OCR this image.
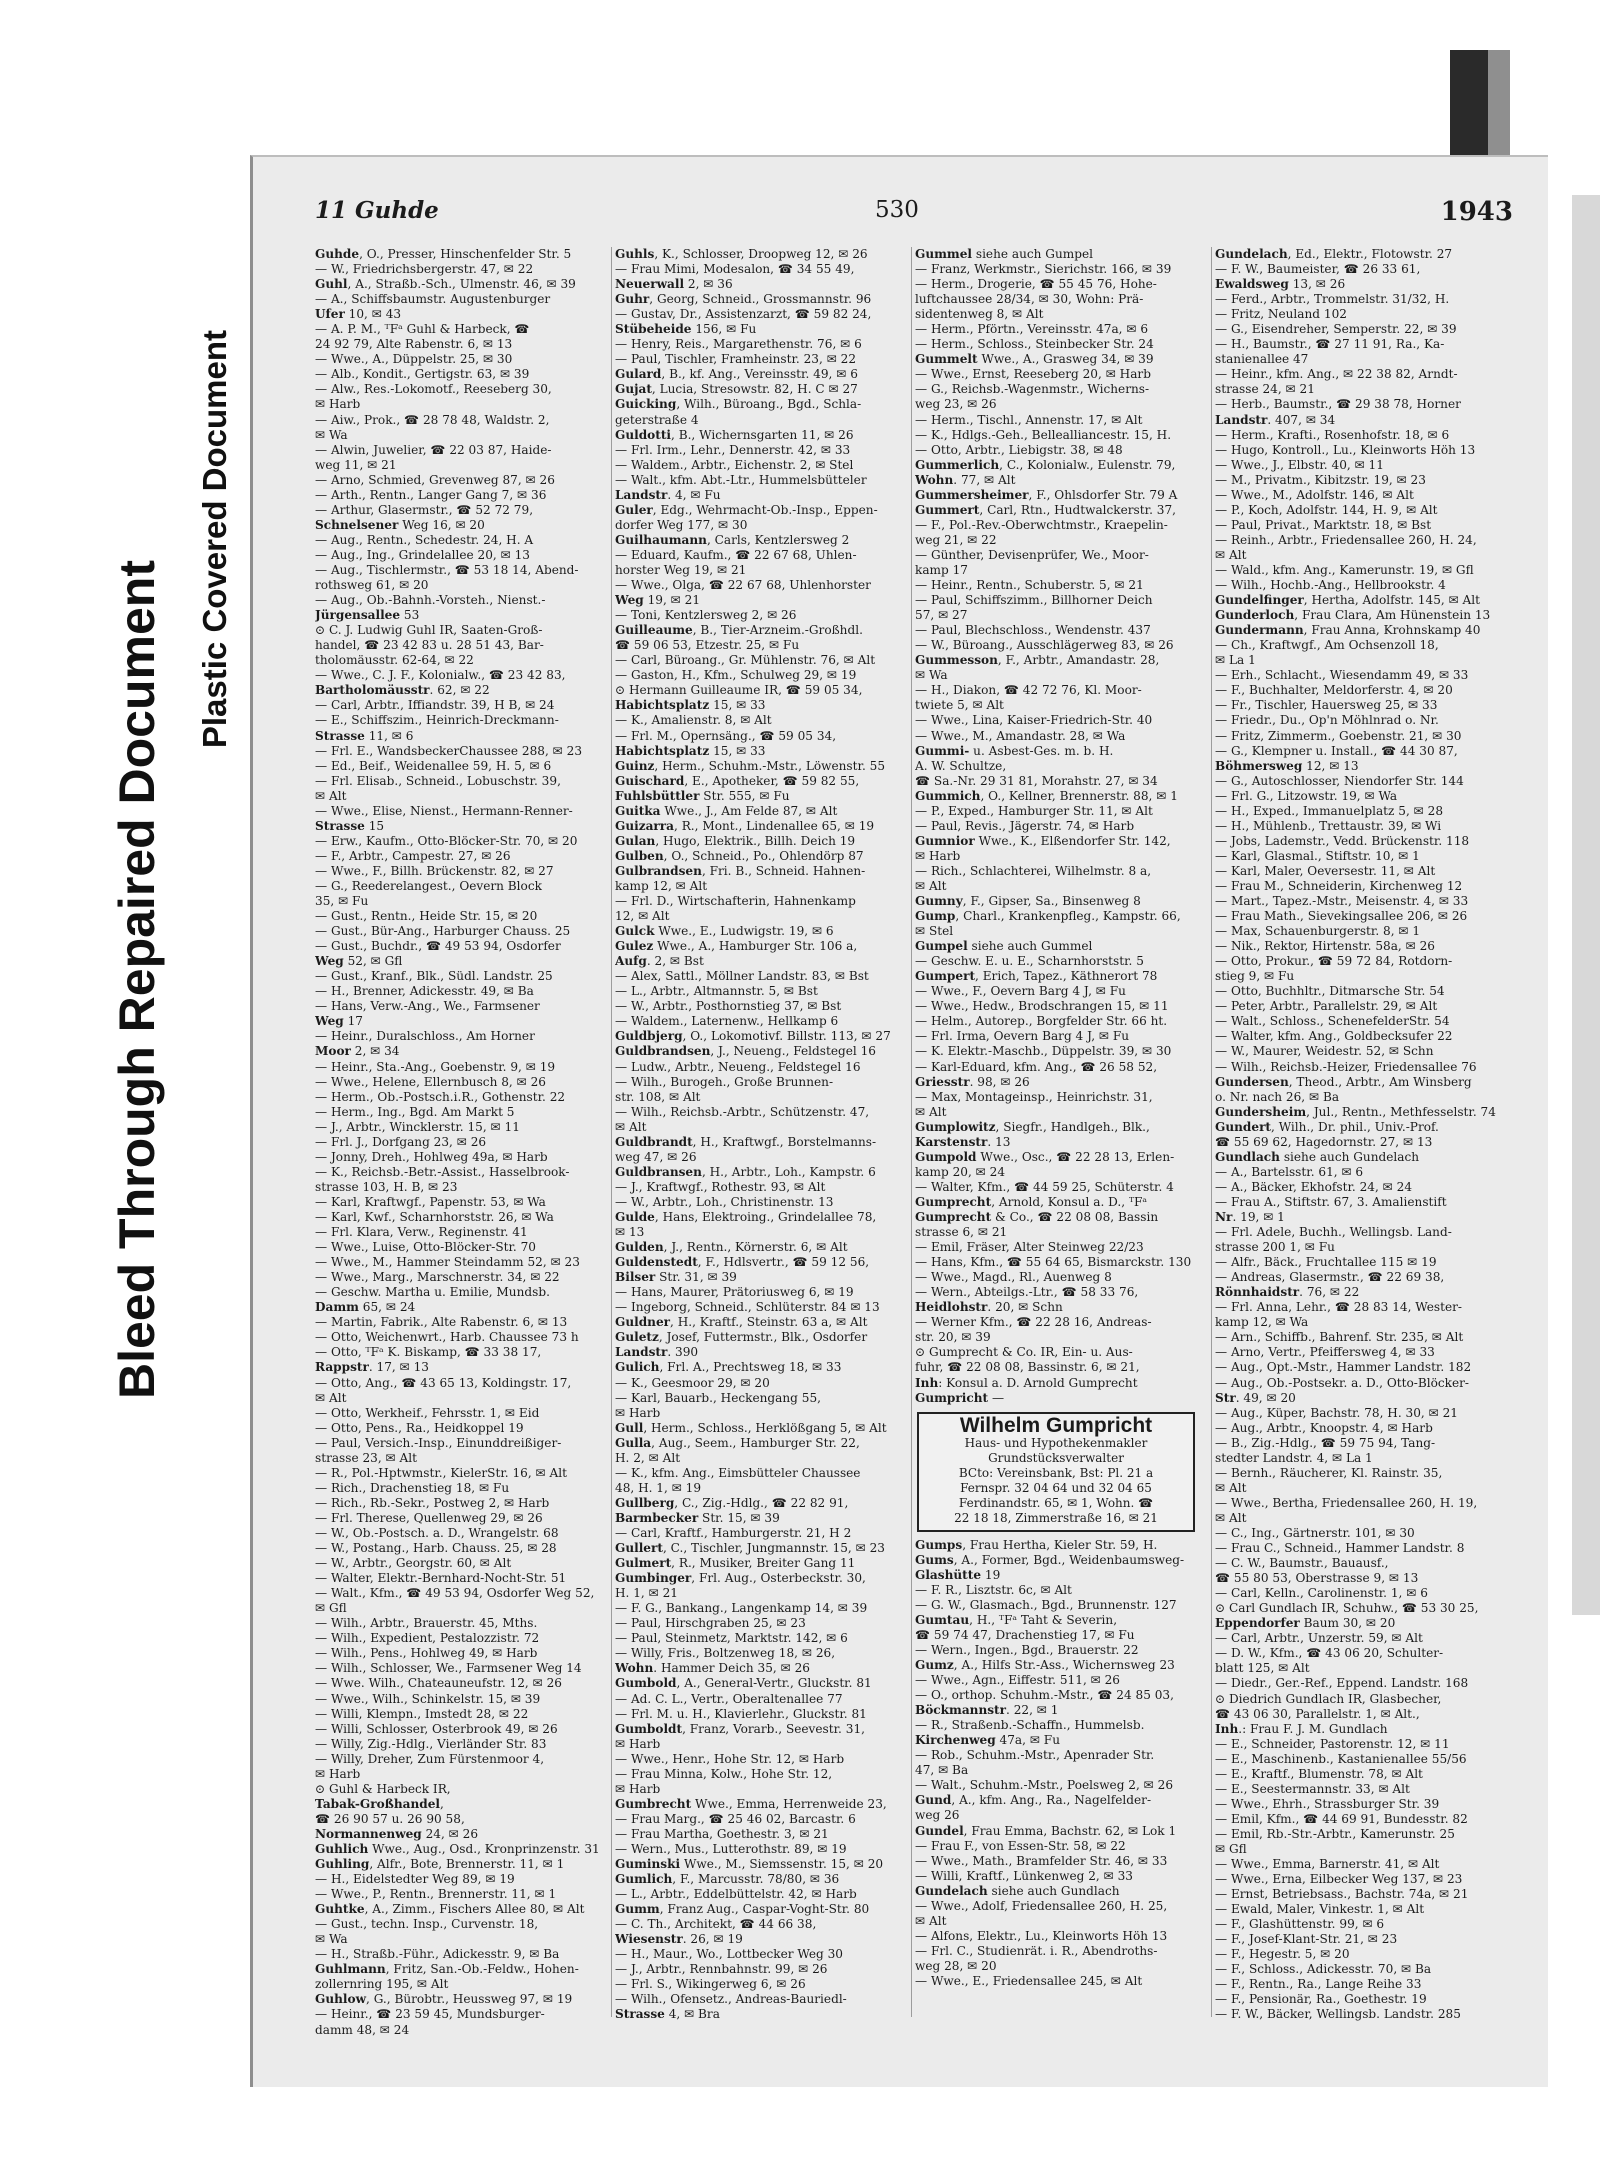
Bleed Through Repaired Document
Plastic Covered Document
11 Guhde	530	1943
Guhde, O., Presser, Hinschenfelder Str. 5
— W., Friedrichsbergerstr. 47, ✉ 22
Guhl, A., Straßb.-Sch., Ulmenstr. 46, ✉ 39
— A., Schiffsbaumstr. Augustenburger
Ufer 10, ✉ 43
— A. P. M., ᵀFᵃ Guhl & Harbeck, ☎
24 92 79, Alte Rabenstr. 6, ✉ 13
— Wwe., A., Düppelstr. 25, ✉ 30
— Alb., Kondit., Gertigstr. 63, ✉ 39
— Alw., Res.-Lokomotf., Reeseberg 30,
✉ Harb
— Aiw., Prok., ☎ 28 78 48, Waldstr. 2,
✉ Wa
— Alwin, Juwelier, ☎ 22 03 87, Haide-
weg 11, ✉ 21
— Arno, Schmied, Grevenweg 87, ✉ 26
— Arth., Rentn., Langer Gang 7, ✉ 36
— Arthur, Glasermstr., ☎ 52 72 79,
Schnelsener Weg 16, ✉ 20
— Aug., Rentn., Schedestr. 24, H. A
— Aug., Ing., Grindelallee 20, ✉ 13
— Aug., Tischlermstr., ☎ 53 18 14, Abend-
rothsweg 61, ✉ 20
— Aug., Ob.-Bahnh.-Vorsteh., Nienst.-
Jürgensallee 53
⊙ C. J. Ludwig Guhl IR, Saaten-Groß-
handel, ☎ 23 42 83 u. 28 51 43, Bar-
tholomäusstr. 62-64, ✉ 22
— Wwe., C. J. F., Kolonialw., ☎ 23 42 83,
Bartholomäusstr. 62, ✉ 22
— Carl, Arbtr., Iffiandstr. 39, H B, ✉ 24
— E., Schiffszim., Heinrich-Dreckmann-
Strasse 11, ✉ 6
— Frl. E., WandsbeckerChaussee 288, ✉ 23
— Ed., Beif., Weidenallee 59, H. 5, ✉ 6
— Frl. Elisab., Schneid., Lobuschstr. 39,
✉ Alt
— Wwe., Elise, Nienst., Hermann-Renner-
Strasse 15
— Erw., Kaufm., Otto-Blöcker-Str. 70, ✉ 20
— F., Arbtr., Campestr. 27, ✉ 26
— Wwe., F., Billh. Brückenstr. 82, ✉ 27
— G., Reederelangest., Oevern Block
35, ✉ Fu
— Gust., Rentn., Heide Str. 15, ✉ 20
— Gust., Bür-Ang., Harburger Chauss. 25
— Gust., Buchdr., ☎ 49 53 94, Osdorfer
Weg 52, ✉ Gfl
— Gust., Kranf., Blk., Südl. Landstr. 25
— H., Brenner, Adickesstr. 49, ✉ Ba
— Hans, Verw.-Ang., We., Farmsener
Weg 17
— Heinr., Duralschloss., Am Horner
Moor 2, ✉ 34
— Heinr., Sta.-Ang., Goebenstr. 9, ✉ 19
— Wwe., Helene, Ellernbusch 8, ✉ 26
— Herm., Ob.-Postsch.i.R., Gothenstr. 22
— Herm., Ing., Bgd. Am Markt 5
— J., Arbtr., Wincklerstr. 15, ✉ 11
— Frl. J., Dorfgang 23, ✉ 26
— Jonny, Dreh., Hohlweg 49a, ✉ Harb
— K., Reichsb.-Betr.-Assist., Hasselbrook-
strasse 103, H. B, ✉ 23
— Karl, Kraftwgf., Papenstr. 53, ✉ Wa
— Karl, Kwf., Scharnhorststr. 26, ✉ Wa
— Frl. Klara, Verw., Reginenstr. 41
— Wwe., Luise, Otto-Blöcker-Str. 70
— Wwe., M., Hammer Steindamm 52, ✉ 23
— Wwe., Marg., Marschnerstr. 34, ✉ 22
— Geschw. Martha u. Emilie, Mundsb.
Damm 65, ✉ 24
— Martin, Fabrik., Alte Rabenstr. 6, ✉ 13
— Otto, Weichenwrt., Harb. Chaussee 73 h
— Otto, ᵀFᵃ K. Biskamp, ☎ 33 38 17,
Rappstr. 17, ✉ 13
— Otto, Ang., ☎ 43 65 13, Koldingstr. 17,
✉ Alt
— Otto, Werkheif., Fehrsstr. 1, ✉ Eid
— Otto, Pens., Ra., Heidkoppel 19
— Paul, Versich.-Insp., Einunddreißiger-
strasse 23, ✉ Alt
— R., Pol.-Hptwmstr., KielerStr. 16, ✉ Alt
— Rich., Drachenstieg 18, ✉ Fu
— Rich., Rb.-Sekr., Postweg 2, ✉ Harb
— Frl. Therese, Quellenweg 29, ✉ 26
— W., Ob.-Postsch. a. D., Wrangelstr. 68
— W., Postang., Harb. Chauss. 25, ✉ 28
— W., Arbtr., Georgstr. 60, ✉ Alt
— Walter, Elektr.-Bernhard-Nocht-Str. 51
— Walt., Kfm., ☎ 49 53 94, Osdorfer Weg 52,
✉ Gfl
— Wilh., Arbtr., Brauerstr. 45, Mths.
— Wilh., Expedient, Pestalozzistr. 72
— Wilh., Pens., Hohlweg 49, ✉ Harb
— Wilh., Schlosser, We., Farmsener Weg 14
— Wwe. Wilh., Chateauneufstr. 12, ✉ 26
— Wwe., Wilh., Schinkelstr. 15, ✉ 39
— Willi, Klempn., Imstedt 28, ✉ 22
— Willi, Schlosser, Osterbrook 49, ✉ 26
— Willy, Zig.-Hdlg., Vierländer Str. 83
— Willy, Dreher, Zum Fürstenmoor 4,
✉ Harb
⊙ Guhl & Harbeck IR,
Tabak-Großhandel,
☎ 26 90 57 u. 26 90 58,
Normannenweg 24, ✉ 26
Guhlich Wwe., Aug., Osd., Kronprinzenstr. 31
Guhling, Alfr., Bote, Brennerstr. 11, ✉ 1
— H., Eidelstedter Weg 89, ✉ 19
— Wwe., P., Rentn., Brennerstr. 11, ✉ 1
Guhtke, A., Zimm., Fischers Allee 80, ✉ Alt
— Gust., techn. Insp., Curvenstr. 18,
✉ Wa
— H., Straßb.-Führ., Adickesstr. 9, ✉ Ba
Guhlmann, Fritz, San.-Ob.-Feldw., Hohen-
zollernring 195, ✉ Alt
Guhlow, G., Bürobtr., Heussweg 97, ✉ 19
— Heinr., ☎ 23 59 45, Mundsburger-
damm 48, ✉ 24
Guhls, K., Schlosser, Droopweg 12, ✉ 26
— Frau Mimi, Modesalon, ☎ 34 55 49,
Neuerwall 2, ✉ 36
Guhr, Georg, Schneid., Grossmannstr. 96
— Gustav, Dr., Assistenzarzt, ☎ 59 82 24,
Stübeheide 156, ✉ Fu
— Henry, Reis., Margarethenstr. 76, ✉ 6
— Paul, Tischler, Framheinstr. 23, ✉ 22
Gulard, B., kf. Ang., Vereinsstr. 49, ✉ 6
Gujat, Lucia, Stresowstr. 82, H. C ✉ 27
Guicking, Wilh., Büroang., Bgd., Schla-
geterstraße 4
Guldotti, B., Wichernsgarten 11, ✉ 26
— Frl. Irm., Lehr., Dennerstr. 42, ✉ 33
— Waldem., Arbtr., Eichenstr. 2, ✉ Stel
— Walt., kfm. Abt.-Ltr., Hummelsbütteler
Landstr. 4, ✉ Fu
Guler, Edg., Wehrmacht-Ob.-Insp., Eppen-
dorfer Weg 177, ✉ 30
Guilhaumann, Carls, Kentzlersweg 2
— Eduard, Kaufm., ☎ 22 67 68, Uhlen-
horster Weg 19, ✉ 21
— Wwe., Olga, ☎ 22 67 68, Uhlenhorster
Weg 19, ✉ 21
— Toni, Kentzlersweg 2, ✉ 26
Guilleaume, B., Tier-Arzneim.-Großhdl.
☎ 59 06 53, Etzestr. 25, ✉ Fu
— Carl, Büroang., Gr. Mühlenstr. 76, ✉ Alt
— Gaston, H., Kfm., Schulweg 29, ✉ 19
⊙ Hermann Guilleaume IR, ☎ 59 05 34,
Habichtsplatz 15, ✉ 33
— K., Amalienstr. 8, ✉ Alt
— Frl. M., Opernsäng., ☎ 59 05 34,
Habichtsplatz 15, ✉ 33
Guinz, Herm., Schuhm.-Mstr., Löwenstr. 55
Guischard, E., Apotheker, ☎ 59 82 55,
Fuhlsbüttler Str. 555, ✉ Fu
Guitka Wwe., J., Am Felde 87, ✉ Alt
Guizarra, R., Mont., Lindenallee 65, ✉ 19
Gulan, Hugo, Elektrik., Billh. Deich 19
Gulben, O., Schneid., Po., Ohlendörp 87
Gulbrandsen, Fri. B., Schneid. Hahnen-
kamp 12, ✉ Alt
— Frl. D., Wirtschafterin, Hahnenkamp
12, ✉ Alt
Gulck Wwe., E., Ludwigstr. 19, ✉ 6
Gulez Wwe., A., Hamburger Str. 106 a,
Aufg. 2, ✉ Bst
— Alex, Sattl., Möllner Landstr. 83, ✉ Bst
— L., Arbtr., Altmannstr. 5, ✉ Bst
— W., Arbtr., Posthornstieg 37, ✉ Bst
— Waldem., Laternenw., Hellkamp 6
Guldbjerg, O., Lokomotivf. Billstr. 113, ✉ 27
Guldbrandsen, J., Neueng., Feldstegel 16
— Ludw., Arbtr., Neueng., Feldstegel 16
— Wilh., Burogeh., Große Brunnen-
str. 108, ✉ Alt
— Wilh., Reichsb.-Arbtr., Schützenstr. 47,
✉ Alt
Guldbrandt, H., Kraftwgf., Borstelmanns-
weg 47, ✉ 26
Guldbransen, H., Arbtr., Loh., Kampstr. 6
— J., Kraftwgf., Rothestr. 93, ✉ Alt
— W., Arbtr., Loh., Christinenstr. 13
Gulde, Hans, Elektroing., Grindelallee 78,
✉ 13
Gulden, J., Rentn., Körnerstr. 6, ✉ Alt
Guldenstedt, F., Hdlsvertr., ☎ 59 12 56,
Bilser Str. 31, ✉ 39
— Hans, Maurer, Prätoriusweg 6, ✉ 19
— Ingeborg, Schneid., Schlüterstr. 84 ✉ 13
Guldner, H., Kraftf., Steinstr. 63 a, ✉ Alt
Guletz, Josef, Futtermstr., Blk., Osdorfer
Landstr. 390
Gulich, Frl. A., Prechtsweg 18, ✉ 33
— K., Geesmoor 29, ✉ 20
— Karl, Bauarb., Heckengang 55,
✉ Harb
Gull, Herm., Schloss., Herklößgang 5, ✉ Alt
Gulla, Aug., Seem., Hamburger Str. 22,
H. 2, ✉ Alt
— K., kfm. Ang., Eimsbütteler Chaussee
48, H. 1, ✉ 19
Gullberg, C., Zig.-Hdlg., ☎ 22 82 91,
Barmbecker Str. 15, ✉ 39
— Carl, Kraftf., Hamburgerstr. 21, H 2
Gullert, C., Tischler, Jungmannstr. 15, ✉ 23
Gulmert, R., Musiker, Breiter Gang 11
Gumbinger, Frl. Aug., Osterbeckstr. 30,
H. 1, ✉ 21
— F. G., Bankang., Langenkamp 14, ✉ 39
— Paul, Hirschgraben 25, ✉ 23
— Paul, Steinmetz, Marktstr. 142, ✉ 6
— Willy, Fris., Boltzenweg 18, ✉ 26,
Wohn. Hammer Deich 35, ✉ 26
Gumbold, A., General-Vertr., Gluckstr. 81
— Ad. C. L., Vertr., Oberaltenallee 77
— Frl. M. u. H., Klavierlehr., Gluckstr. 81
Gumboldt, Franz, Vorarb., Seevestr. 31,
✉ Harb
— Wwe., Henr., Hohe Str. 12, ✉ Harb
— Frau Minna, Kolw., Hohe Str. 12,
✉ Harb
Gumbrecht Wwe., Emma, Herrenweide 23,
— Frau Marg., ☎ 25 46 02, Barcastr. 6
— Frau Martha, Goethestr. 3, ✉ 21
— Wern., Mus., Lutterothstr. 89, ✉ 19
Guminski Wwe., M., Siemssenstr. 15, ✉ 20
Gumlich, F., Marcusstr. 78/80, ✉ 36
— L., Arbtr., Eddelbüttelstr. 42, ✉ Harb
Gumm, Franz Aug., Caspar-Voght-Str. 80
— C. Th., Architekt, ☎ 44 66 38,
Wiesenstr. 26, ✉ 19
— H., Maur., Wo., Lottbecker Weg 30
— J., Arbtr., Rennbahnstr. 99, ✉ 26
— Frl. S., Wikingerweg 6, ✉ 26
— Wilh., Ofensetz., Andreas-Bauriedl-
Strasse 4, ✉ Bra
Gummel siehe auch Gumpel
— Franz, Werkmstr., Sierichstr. 166, ✉ 39
— Herm., Drogerie, ☎ 55 45 76, Hohe-
luftchaussee 28/34, ✉ 30, Wohn: Prä-
sidentenweg 8, ✉ Alt
— Herm., Pförtn., Vereinsstr. 47a, ✉ 6
— Herm., Schloss., Steinbecker Str. 24
Gummelt Wwe., A., Grasweg 34, ✉ 39
— Wwe., Ernst, Reeseberg 20, ✉ Harb
— G., Reichsb.-Wagenmstr., Wicherns-
weg 23, ✉ 26
— Herm., Tischl., Annenstr. 17, ✉ Alt
— K., Hdlgs.-Geh., Bellealliancestr. 15, H.
— Otto, Arbtr., Liebigstr. 38, ✉ 48
Gummerlich, C., Kolonialw., Eulenstr. 79,
Wohn. 77, ✉ Alt
Gummersheimer, F., Ohlsdorfer Str. 79 A
Gummert, Carl, Rtn., Hudtwalckerstr. 37,
— F., Pol.-Rev.-Oberwchtmstr., Kraepelin-
weg 21, ✉ 22
— Günther, Devisenprüfer, We., Moor-
kamp 17
— Heinr., Rentn., Schuberstr. 5, ✉ 21
— Paul, Schiffszimm., Billhorner Deich
57, ✉ 27
— Paul, Blechschloss., Wendenstr. 437
— W., Büroang., Ausschlägerweg 83, ✉ 26
Gummesson, F., Arbtr., Amandastr. 28,
✉ Wa
— H., Diakon, ☎ 42 72 76, Kl. Moor-
twiete 5, ✉ Alt
— Wwe., Lina, Kaiser-Friedrich-Str. 40
— Wwe., M., Amandastr. 28, ✉ Wa
Gummi- u. Asbest-Ges. m. b. H.
A. W. Schultze,
☎ Sa.-Nr. 29 31 81, Morahstr. 27, ✉ 34
Gummich, O., Kellner, Brennerstr. 88, ✉ 1
— P., Exped., Hamburger Str. 11, ✉ Alt
— Paul, Revis., Jägerstr. 74, ✉ Harb
Gumnior Wwe., K., Elßendorfer Str. 142,
✉ Harb
— Rich., Schlachterei, Wilhelmstr. 8 a,
✉ Alt
Gumny, F., Gipser, Sa., Binsenweg 8
Gump, Charl., Krankenpfleg., Kampstr. 66,
✉ Stel
Gumpel siehe auch Gummel
— Geschw. E. u. E., Scharnhorststr. 5
Gumpert, Erich, Tapez., Käthnerort 78
— Wwe., F., Oevern Barg 4 J, ✉ Fu
— Wwe., Hedw., Brodschrangen 15, ✉ 11
— Helm., Autorep., Borgfelder Str. 66 ht.
— Frl. Irma, Oevern Barg 4 J, ✉ Fu
— K. Elektr.-Maschb., Düppelstr. 39, ✉ 30
— Karl-Eduard, kfm. Ang., ☎ 26 58 52,
Griesstr. 98, ✉ 26
— Max, Montageinsp., Heinrichstr. 31,
✉ Alt
Gumplowitz, Siegfr., Handlgeh., Blk.,
Karstenstr. 13
Gumpold Wwe., Osc., ☎ 22 28 13, Erlen-
kamp 20, ✉ 24
— Walter, Kfm., ☎ 44 59 25, Schüterstr. 4
Gumprecht, Arnold, Konsul a. D., ᵀFᵃ
Gumprecht & Co., ☎ 22 08 08, Bassin
strasse 6, ✉ 21
— Emil, Fräser, Alter Steinweg 22/23
— Hans, Kfm., ☎ 55 64 65, Bismarckstr. 130
— Wwe., Magd., Rl., Auenweg 8
— Wern., Abteilgs.-Ltr., ☎ 58 33 76,
Heidlohstr. 20, ✉ Schn
— Werner Kfm., ☎ 22 28 16, Andreas-
str. 20, ✉ 39
⊙ Gumprecht & Co. IR, Ein- u. Aus-
fuhr, ☎ 22 08 08, Bassinstr. 6, ✉ 21,
Inh: Konsul a. D. Arnold Gumprecht
Gumpricht —
Wilhelm Gumpricht
Haus- und Hypothekenmakler
Grundstücksverwalter
BCto: Vereinsbank, Bst: Pl. 21 a
Fernspr. 32 04 64 und 32 04 65
Ferdinandstr. 65, ✉ 1, Wohn. ☎
22 18 18, Zimmerstraße 16, ✉ 21
Gumps, Frau Hertha, Kieler Str. 59, H.
Gums, A., Former, Bgd., Weidenbaumsweg-
Glashütte 19
— F. R., Lisztstr. 6c, ✉ Alt
— G. W., Glasmach., Bgd., Brunnenstr. 127
Gumtau, H., ᵀFᵃ Taht & Severin,
☎ 59 74 47, Drachenstieg 17, ✉ Fu
— Wern., Ingen., Bgd., Brauerstr. 22
Gumz, A., Hilfs Str.-Ass., Wichernsweg 23
— Wwe., Agn., Eiffestr. 511, ✉ 26
— O., orthop. Schuhm.-Mstr., ☎ 24 85 03,
Böckmannstr. 22, ✉ 1
— R., Straßenb.-Schaffn., Hummelsb.
Kirchenweg 47a, ✉ Fu
— Rob., Schuhm.-Mstr., Apenrader Str.
47, ✉ Ba
— Walt., Schuhm.-Mstr., Poelsweg 2, ✉ 26
Gund, A., kfm. Ang., Ra., Nagelfelder-
weg 26
Gundel, Frau Emma, Bachstr. 62, ✉ Lok 1
— Frau F., von Essen-Str. 58, ✉ 22
— Wwe., Math., Bramfelder Str. 46, ✉ 33
— Willi, Kraftf., Lünkenweg 2, ✉ 33
Gundelach siehe auch Gundlach
— Wwe., Adolf, Friedensallee 260, H. 25,
✉ Alt
— Alfons, Elektr., Lu., Kleinworts Höh 13
— Frl. C., Studienrät. i. R., Abendroths-
weg 28, ✉ 20
— Wwe., E., Friedensallee 245, ✉ Alt
Gundelach, Ed., Elektr., Flotowstr. 27
— F. W., Baumeister, ☎ 26 33 61,
Ewaldsweg 13, ✉ 26
— Ferd., Arbtr., Trommelstr. 31/32, H.
— Fritz, Neuland 102
— G., Eisendreher, Semperstr. 22, ✉ 39
— H., Baumstr., ☎ 27 11 91, Ra., Ka-
stanienallee 47
— Heinr., kfm. Ang., ✉ 22 38 82, Arndt-
strasse 24, ✉ 21
— Herb., Baumstr., ☎ 29 38 78, Horner
Landstr. 407, ✉ 34
— Herm., Krafti., Rosenhofstr. 18, ✉ 6
— Hugo, Kontroll., Lu., Kleinworts Höh 13
— Wwe., J., Elbstr. 40, ✉ 11
— M., Privatm., Kibitzstr. 19, ✉ 23
— Wwe., M., Adolfstr. 146, ✉ Alt
— P., Koch, Adolfstr. 144, H. 9, ✉ Alt
— Paul, Privat., Marktstr. 18, ✉ Bst
— Reinh., Arbtr., Friedensallee 260, H. 24,
✉ Alt
— Wald., kfm. Ang., Kamerunstr. 19, ✉ Gfl
— Wilh., Hochb.-Ang., Hellbrookstr. 4
Gundelfinger, Hertha, Adolfstr. 145, ✉ Alt
Gunderloch, Frau Clara, Am Hünenstein 13
Gundermann, Frau Anna, Krohnskamp 40
— Ch., Kraftwgf., Am Ochsenzoll 18,
✉ La 1
— Erh., Schlacht., Wiesendamm 49, ✉ 33
— F., Buchhalter, Meldorferstr. 4, ✉ 20
— Fr., Tischler, Hauersweg 25, ✉ 33
— Friedr., Du., Op'n Möhlnrad o. Nr.
— Fritz, Zimmerm., Goebenstr. 21, ✉ 30
— G., Klempner u. Install., ☎ 44 30 87,
Böhmersweg 12, ✉ 13
— G., Autoschlosser, Niendorfer Str. 144
— Frl. G., Litzowstr. 19, ✉ Wa
— H., Exped., Immanuelplatz 5, ✉ 28
— H., Mühlenb., Trettaustr. 39, ✉ Wi
— Jobs, Lademstr., Vedd. Brückenstr. 118
— Karl, Glasmal., Stiftstr. 10, ✉ 1
— Karl, Maler, Oeversestr. 11, ✉ Alt
— Frau M., Schneiderin, Kirchenweg 12
— Mart., Tapez.-Mstr., Meisenstr. 4, ✉ 33
— Frau Math., Sievekingsallee 206, ✉ 26
— Max, Schauenburgerstr. 8, ✉ 1
— Nik., Rektor, Hirtenstr. 58a, ✉ 26
— Otto, Prokur., ☎ 59 72 84, Rotdorn-
stieg 9, ✉ Fu
— Otto, Buchhltr., Ditmarsche Str. 54
— Peter, Arbtr., Parallelstr. 29, ✉ Alt
— Walt., Schloss., SchenefelderStr. 54
— Walter, kfm. Ang., Goldbecksufer 22
— W., Maurer, Weidestr. 52, ✉ Schn
— Wilh., Reichsb.-Heizer, Friedensallee 76
Gundersen, Theod., Arbtr., Am Winsberg
o. Nr. nach 26, ✉ Ba
Gundersheim, Jul., Rentn., Methfesselstr. 74
Gundert, Wilh., Dr. phil., Univ.-Prof.
☎ 55 69 62, Hagedornstr. 27, ✉ 13
Gundlach siehe auch Gundelach
— A., Bartelsstr. 61, ✉ 6
— A., Bäcker, Ekhofstr. 24, ✉ 24
— Frau A., Stiftstr. 67, 3. Amalienstift
Nr. 19, ✉ 1
— Frl. Adele, Buchh., Wellingsb. Land-
strasse 200 1, ✉ Fu
— Alfr., Bäck., Fruchtallee 115 ✉ 19
— Andreas, Glasermstr., ☎ 22 69 38,
Rönnhaidstr. 76, ✉ 22
— Frl. Anna, Lehr., ☎ 28 83 14, Wester-
kamp 12, ✉ Wa
— Arn., Schiffb., Bahrenf. Str. 235, ✉ Alt
— Arno, Vertr., Pfeiffersweg 4, ✉ 33
— Aug., Opt.-Mstr., Hammer Landstr. 182
— Aug., Ob.-Postsekr. a. D., Otto-Blöcker-
Str. 49, ✉ 20
— Aug., Küper, Bachstr. 78, H. 30, ✉ 21
— Aug., Arbtr., Knoopstr. 4, ✉ Harb
— B., Zig.-Hdlg., ☎ 59 75 94, Tang-
stedter Landstr. 4, ✉ La 1
— Bernh., Räucherer, Kl. Rainstr. 35,
✉ Alt
— Wwe., Bertha, Friedensallee 260, H. 19,
✉ Alt
— C., Ing., Gärtnerstr. 101, ✉ 30
— Frau C., Schneid., Hammer Landstr. 8
— C. W., Baumstr., Bauausf.,
☎ 55 80 53, Oberstrasse 9, ✉ 13
— Carl, Kelln., Carolinenstr. 1, ✉ 6
⊙ Carl Gundlach IR, Schuhw., ☎ 53 30 25,
Eppendorfer Baum 30, ✉ 20
— Carl, Arbtr., Unzerstr. 59, ✉ Alt
— D. W., Kfm., ☎ 43 06 20, Schulter-
blatt 125, ✉ Alt
— Diedr., Ger.-Ref., Eppend. Landstr. 168
⊙ Diedrich Gundlach IR, Glasbecher,
☎ 43 06 30, Parallelstr. 1, ✉ Alt.,
Inh.: Frau F. J. M. Gundlach
— E., Schneider, Pastorenstr. 12, ✉ 11
— E., Maschinenb., Kastanienallee 55/56
— E., Kraftf., Blumenstr. 78, ✉ Alt
— E., Seestermannstr. 33, ✉ Alt
— Wwe., Ehrh., Strassburger Str. 39
— Emil, Kfm., ☎ 44 69 91, Bundesstr. 82
— Emil, Rb.-Str.-Arbtr., Kamerunstr. 25
✉ Gfl
— Wwe., Emma, Barnerstr. 41, ✉ Alt
— Wwe., Erna, Eilbecker Weg 137, ✉ 23
— Ernst, Betriebsass., Bachstr. 74a, ✉ 21
— Ewald, Maler, Vinkestr. 1, ✉ Alt
— F., Glashüttenstr. 99, ✉ 6
— F., Josef-Klant-Str. 21, ✉ 23
— F., Hegestr. 5, ✉ 20
— F., Schloss., Adickesstr. 70, ✉ Ba
— F., Rentn., Ra., Lange Reihe 33
— F., Pensionär, Ra., Goethestr. 19
— F. W., Bäcker, Wellingsb. Landstr. 285
